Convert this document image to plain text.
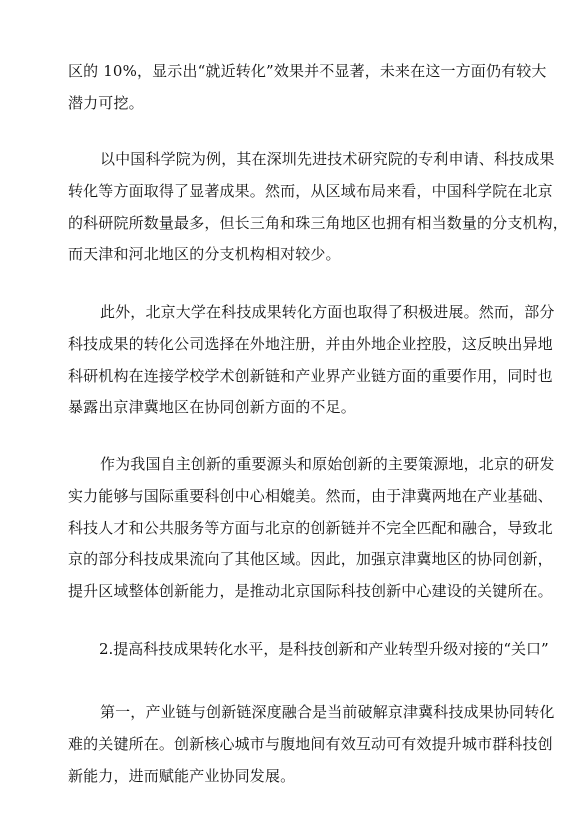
区的 10%，显示出“就近转化”效果并不显著，未来在这一方面仍有较大
潜力可挖。
以中国科学院为例，其在深圳先进技术研究院的专利申请、科技成果
转化等方面取得了显著成果。然而，从区域布局来看，中国科学院在北京
的科研院所数量最多，但长三角和珠三角地区也拥有相当数量的分支机构，
而天津和河北地区的分支机构相对较少。
此外，北京大学在科技成果转化方面也取得了积极进展。然而，部分
科技成果的转化公司选择在外地注册，并由外地企业控股，这反映出异地
科研机构在连接学校学术创新链和产业界产业链方面的重要作用，同时也
暴露出京津冀地区在协同创新方面的不足。
作为我国自主创新的重要源头和原始创新的主要策源地，北京的研发
实力能够与国际重要科创中心相媲美。然而，由于津冀两地在产业基础、
科技人才和公共服务等方面与北京的创新链并不完全匹配和融合，导致北
京的部分科技成果流向了其他区域。因此，加强京津冀地区的协同创新，
提升区域整体创新能力，是推动北京国际科技创新中心建设的关键所在。
2.提高科技成果转化水平，是科技创新和产业转型升级对接的“关口”
第一，产业链与创新链深度融合是当前破解京津冀科技成果协同转化
难的关键所在。创新核心城市与腹地间有效互动可有效提升城市群科技创
新能力，进而赋能产业协同发展。
